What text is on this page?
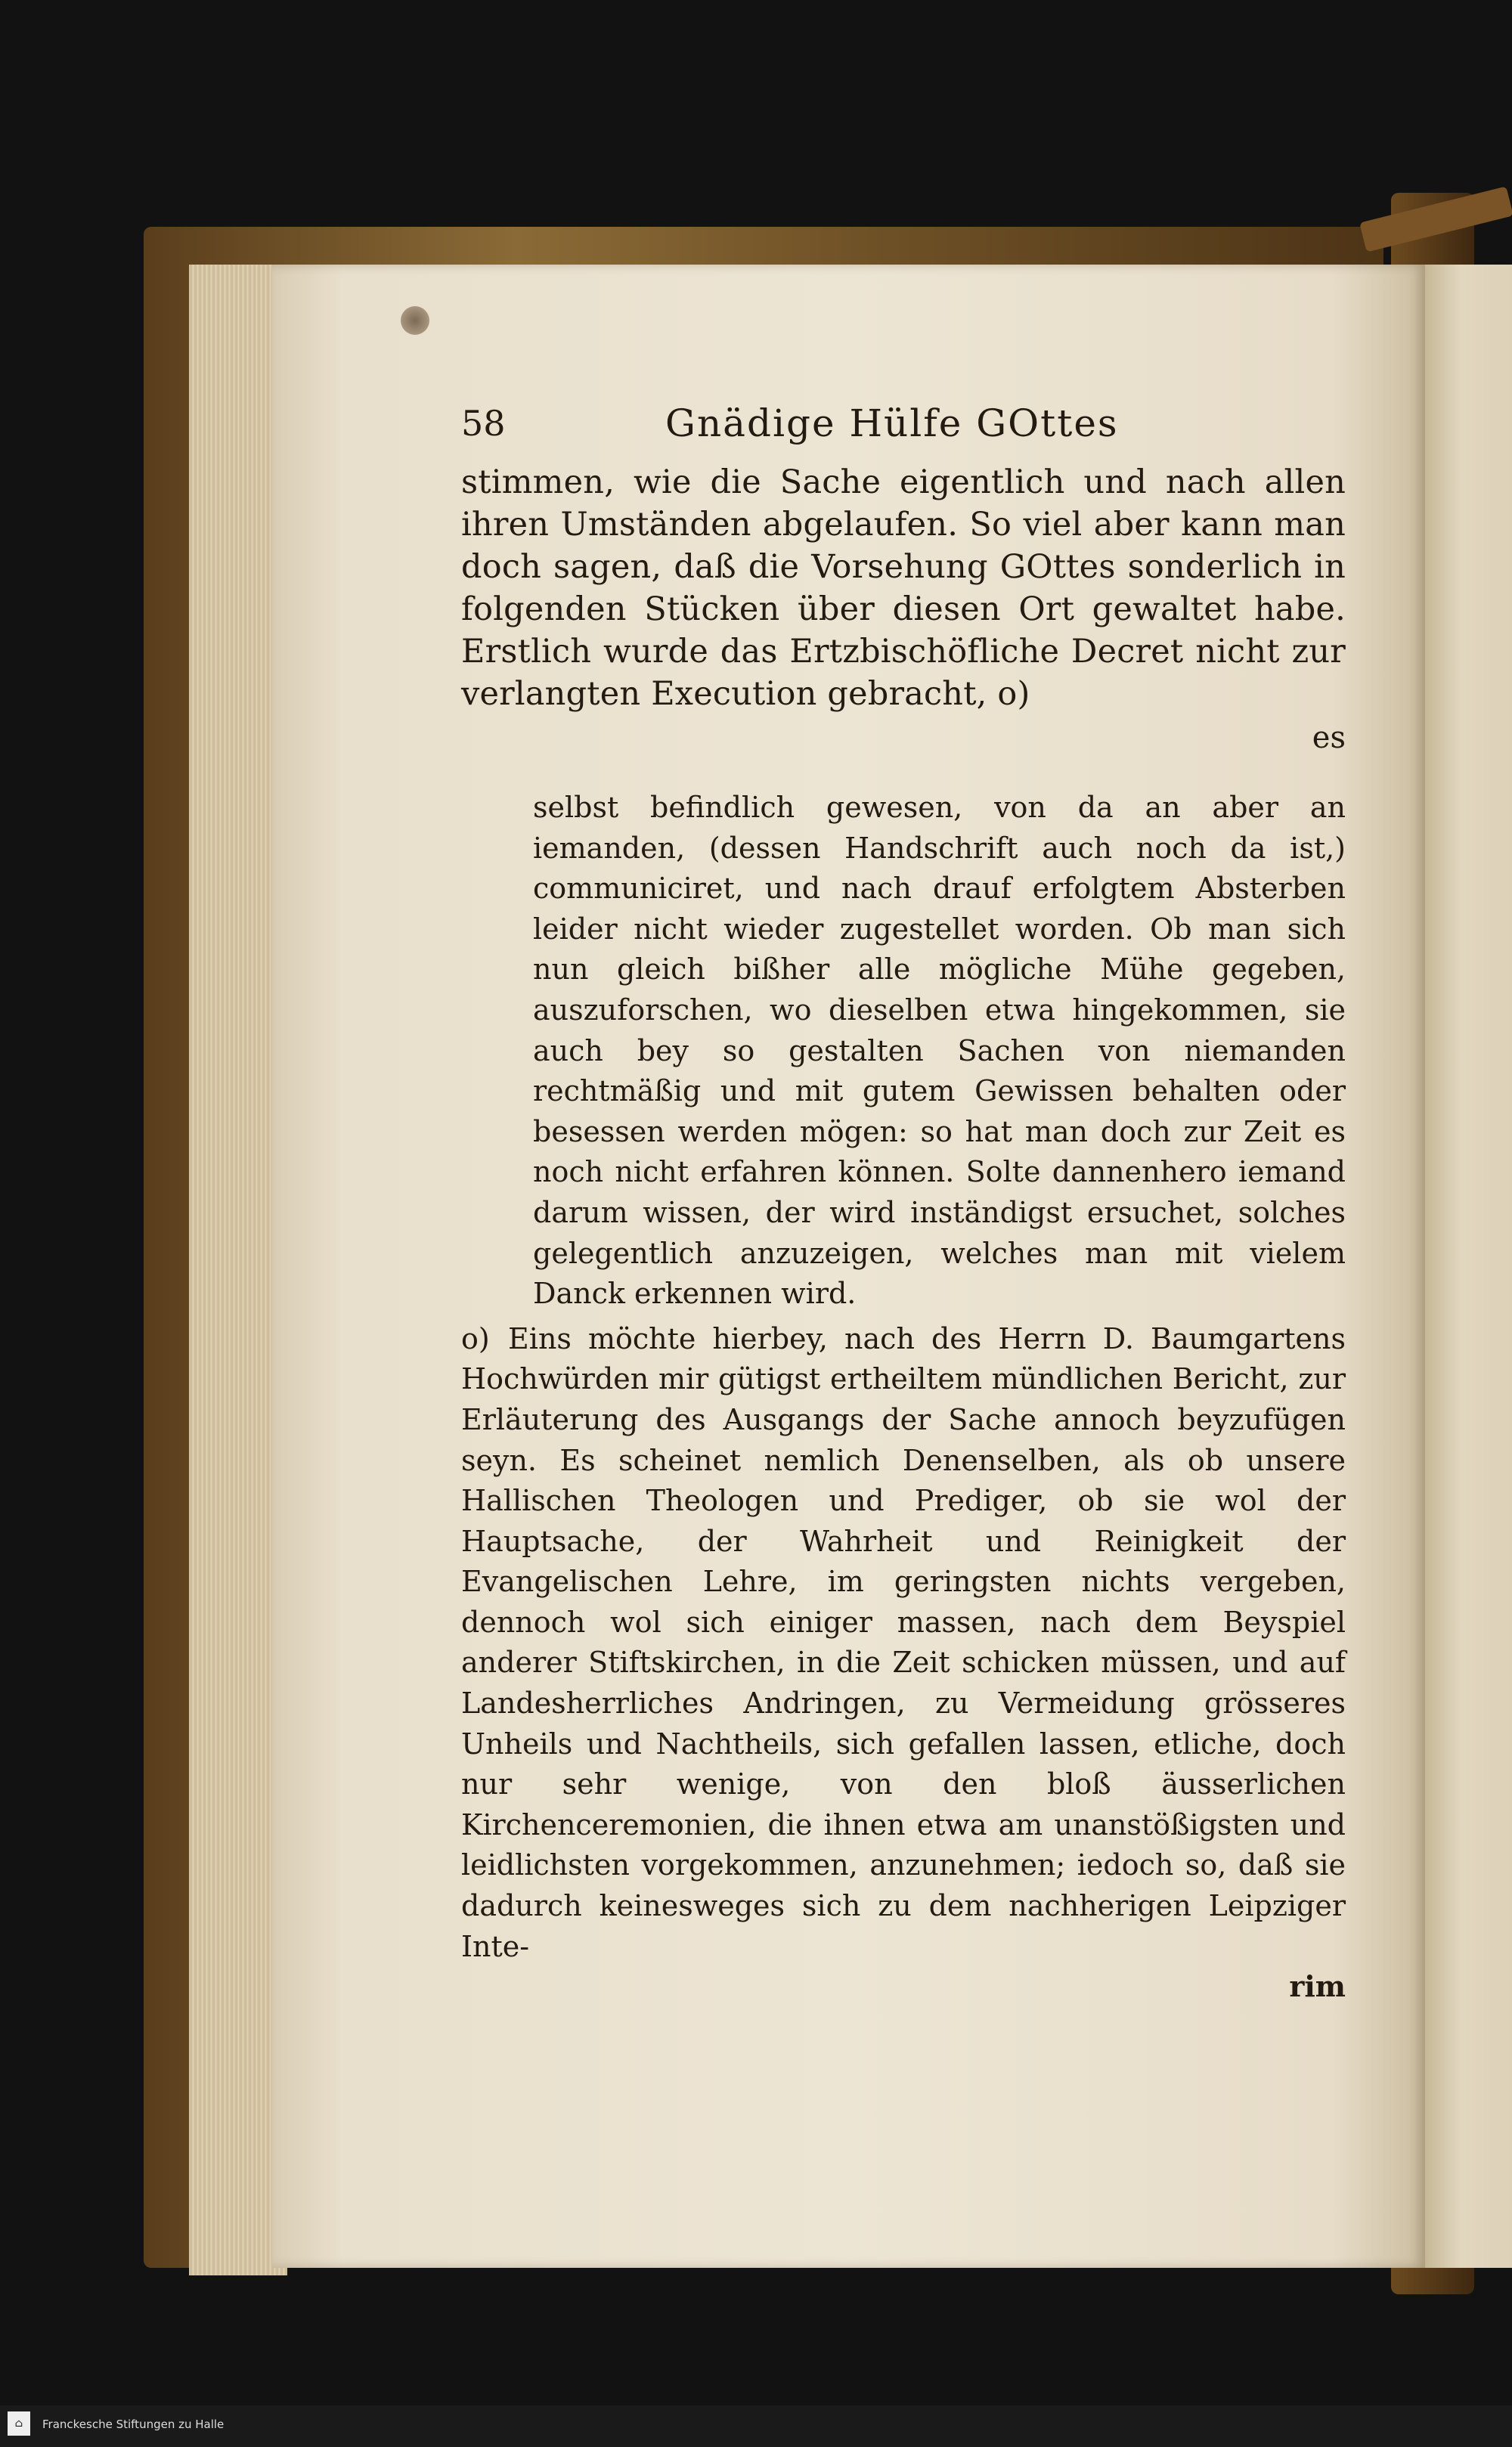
58	Gnädige Hülfe GOttes
stimmen, wie die Sache eigentlich und nach allen ihren Umständen abgelaufen. So viel aber kann man doch sagen, daß die Vorsehung GOttes sonderlich in folgenden Stücken über diesen Ort gewaltet habe. Erstlich wurde das Ertzbischöfliche Decret nicht zur verlangten Execution gebracht, o)
es
selbst befindlich gewesen, von da an aber an iemanden, (dessen Handschrift auch noch da ist,) communiciret, und nach drauf erfolgtem Absterben leider nicht wieder zugestellet worden. Ob man sich nun gleich bißher alle mögliche Mühe gegeben, auszuforschen, wo dieselben etwa hingekommen, sie auch bey so gestalten Sachen von niemanden rechtmäßig und mit gutem Gewissen behalten oder besessen werden mögen: so hat man doch zur Zeit es noch nicht erfahren können. Solte dannenhero iemand darum wissen, der wird inständigst ersuchet, solches gelegentlich anzuzeigen, welches man mit vielem Danck erkennen wird.
o) Eins möchte hierbey, nach des Herrn D. Baumgartens Hochwürden mir gütigst ertheiltem mündlichen Bericht, zur Erläuterung des Ausgangs der Sache annoch beyzufügen seyn. Es scheinet nemlich Denenselben, als ob unsere Hallischen Theologen und Prediger, ob sie wol der Hauptsache, der Wahrheit und Reinigkeit der Evangelischen Lehre, im geringsten nichts vergeben, dennoch wol sich einiger massen, nach dem Beyspiel anderer Stiftskirchen, in die Zeit schicken müssen, und auf Landesherrliches Andringen, zu Vermeidung grösseres Unheils und Nachtheils, sich gefallen lassen, etliche, doch nur sehr wenige, von den bloß äusserlichen Kirchenceremonien, die ihnen etwa am unanstößigsten und leidlichsten vorgekommen, anzunehmen; iedoch so, daß sie dadurch keinesweges sich zu dem nachherigen Leipziger Inte-
rim
⌂	Franckesche Stiftungen zu Halle
